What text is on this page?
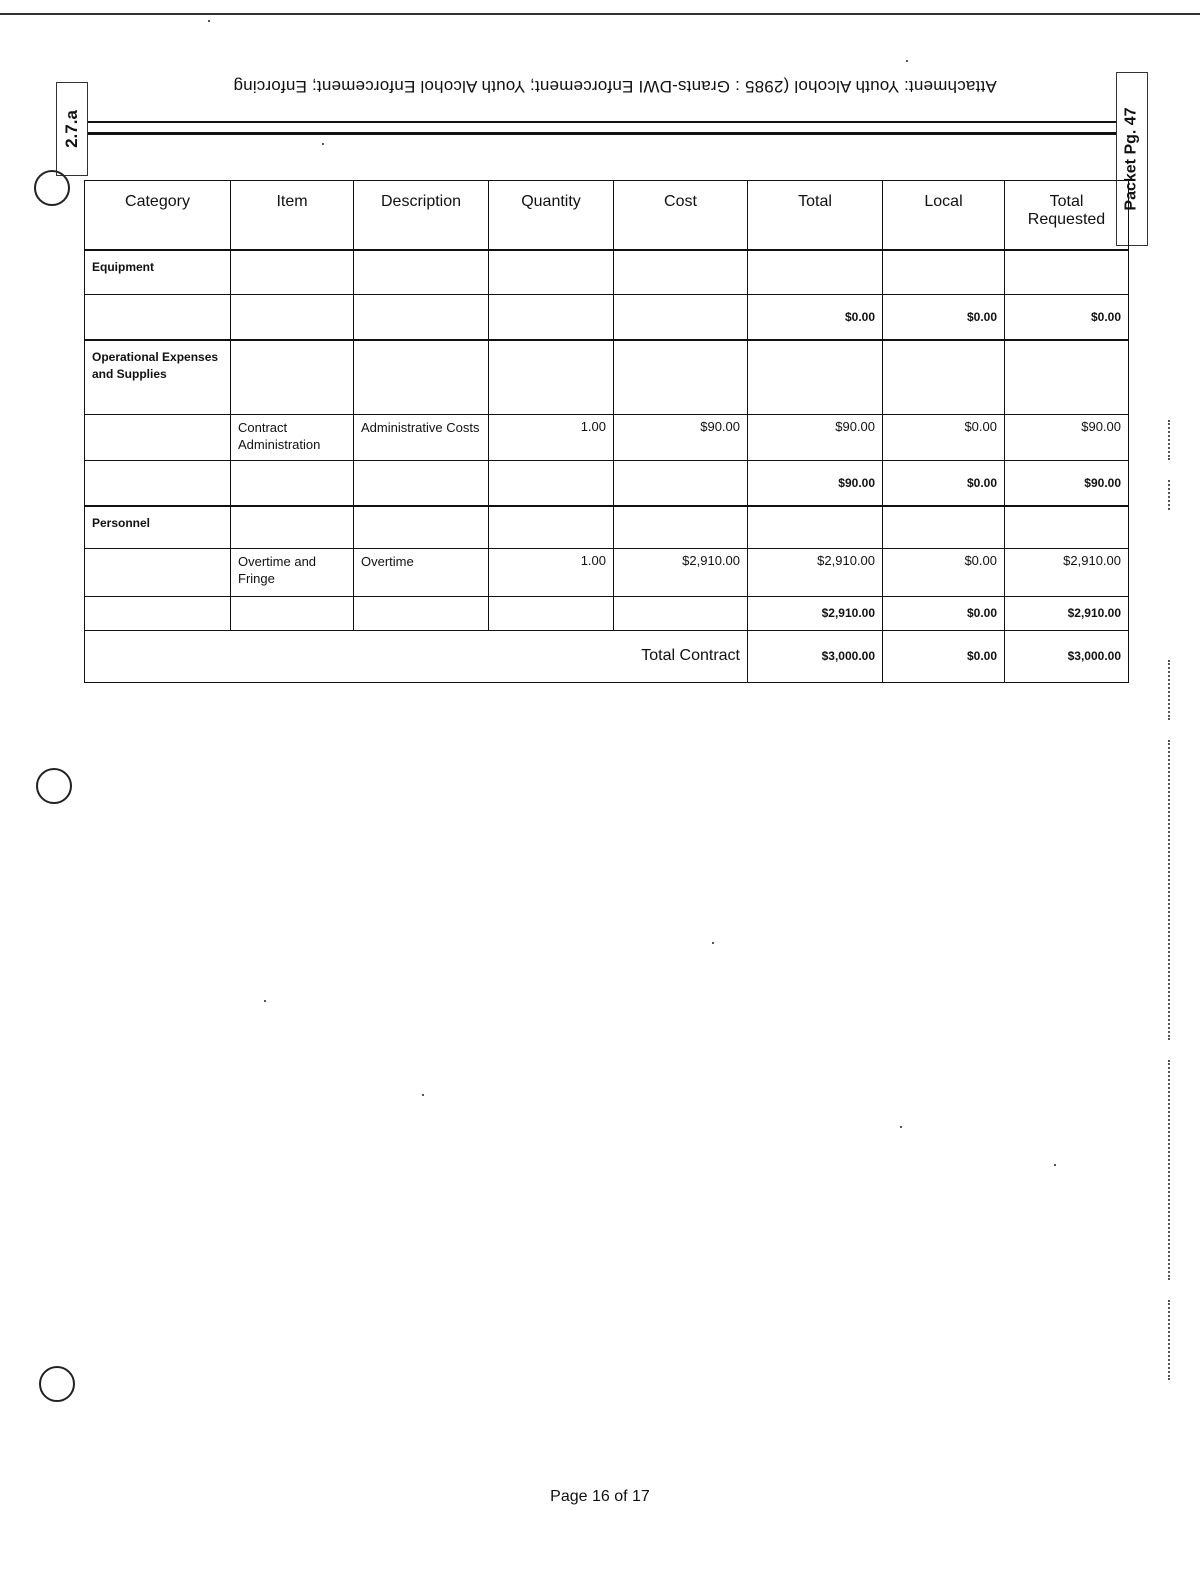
Attachment: Youth Alcohol (2985 : Grants-DWI Enforcement; Youth Alcohol Enforcement; Enforcing
2.7.a	Packet Pg. 47
Category	Item	Description	Quantity	Cost	Total	Local	Total Requested
Equipment							
					$0.00	$0.00	$0.00
Operational Expenses and Supplies							
	Contract Administration	Administrative Costs	1.00	$90.00	$90.00	$0.00	$90.00
					$90.00	$0.00	$90.00
Personnel							
	Overtime and Fringe	Overtime	1.00	$2,910.00	$2,910.00	$0.00	$2,910.00
					$2,910.00	$0.00	$2,910.00
Total Contract					$3,000.00	$0.00	$3,000.00
Page 16 of 17
